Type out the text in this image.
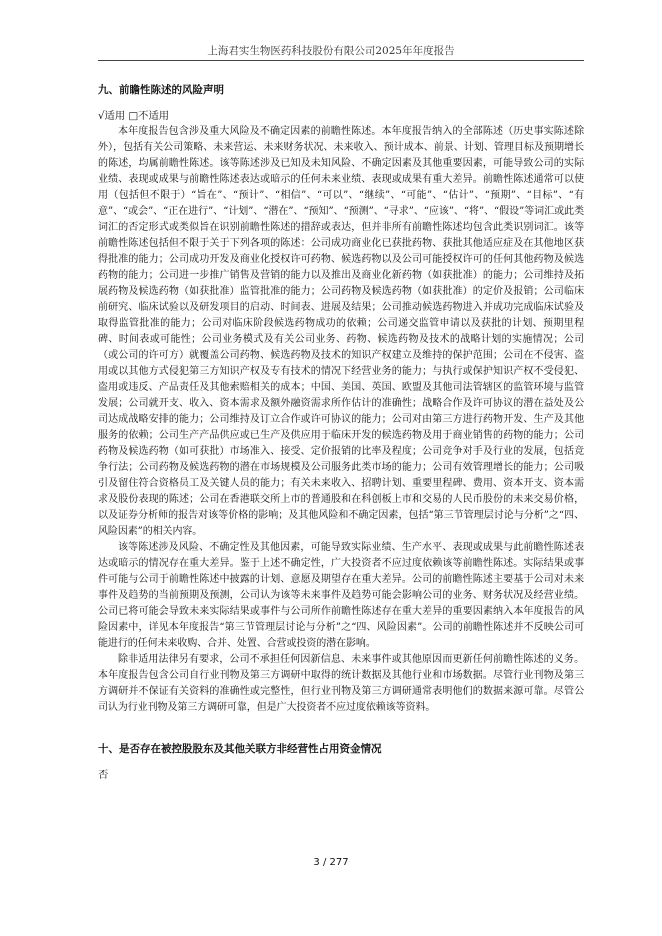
上海君实生物医药科技股份有限公司2025年年度报告
九、前瞻性陈述的风险声明

√适用 □不适用

本年度报告包含涉及重大风险及不确定因素的前瞻性陈述。本年度报告纳入的全部陈述（历史事实陈述除外），包括有关公司策略、未来营运、未来财务状况、未来收入、预计成本、前景、计划、管理目标及预期增长的陈述，均属前瞻性陈述。该等陈述涉及已知及未知风险、不确定因素及其他重要因素，可能导致公司的实际业绩、表现或成果与前瞻性陈述表达或暗示的任何未来业绩、表现或成果有重大差异。前瞻性陈述通常可以使用（包括但不限于）“旨在”、“预计”、“相信”、“可以”、“继续”、“可能”、“估计”、“预期”、“目标”、“有意”、“或会”、“正在进行”、“计划”、“潜在”、“预知”、“预测”、“寻求”、“应该”、“将”、“假设”等词汇或此类词汇的否定形式或类似旨在识别前瞻性陈述的措辞或表达，但并非所有前瞻性陈述均包含此类识别词汇。该等前瞻性陈述包括但不限于关于下列各项的陈述：公司成功商业化已获批药物、获批其他适应症及在其他地区获得批准的能力；公司成功开发及商业化授权许可药物、候选药物以及公司可能授权许可的任何其他药物及候选药物的能力；公司进一步推广销售及营销的能力以及推出及商业化新药物（如获批准）的能力；公司维持及拓展药物及候选药物（如获批准）监管批准的能力；公司药物及候选药物（如获批准）的定价及报销；公司临床前研究、临床试验以及研发项目的启动、时间表、进展及结果；公司推动候选药物进入并成功完成临床试验及取得监管批准的能力；公司对临床阶段候选药物成功的依赖；公司递交监管申请以及获批的计划、预期里程碑、时间表或可能性；公司业务模式及有关公司业务、药物、候选药物及技术的战略计划的实施情况；公司（或公司的许可方）就覆盖公司药物、候选药物及技术的知识产权建立及维持的保护范围；公司在不侵害、盗用或以其他方式侵犯第三方知识产权及专有技术的情况下经营业务的能力；与执行或保护知识产权不受侵犯、盗用或违反、产品责任及其他索赔相关的成本；中国、美国、英国、欧盟及其他司法管辖区的监管环境与监管发展；公司就开支、收入、资本需求及额外融资需求所作估计的准确性；战略合作及许可协议的潜在益处及公司达成战略安排的能力；公司维持及订立合作或许可协议的能力；公司对由第三方进行药物开发、生产及其他服务的依赖；公司生产产品供应或已生产及供应用于临床开发的候选药物及用于商业销售的药物的能力；公司药物及候选药物（如可获批）市场准入、接受、定价报销的比率及程度；公司竞争对手及行业的发展，包括竞争行法；公司药物及候选药物的潜在市场规模及公司服务此类市场的能力；公司有效管理增长的能力；公司吸引及留住符合资格员工及关键人员的能力；有关未来收入、招聘计划、重要里程碑、费用、资本开支、资本需求及股份表现的陈述；公司在香港联交所上市的普通股和在科创板上市和交易的人民币股份的未来交易价格，以及证券分析师的报告对该等价格的影响；及其他风险和不确定因素，包括“第三节管理层讨论与分析”之“四、风险因素”的相关内容。

该等陈述涉及风险、不确定性及其他因素，可能导致实际业绩、生产水平、表现或成果与此前瞻性陈述表达或暗示的情况存在重大差异。鉴于上述不确定性，广大投资者不应过度依赖该等前瞻性陈述。实际结果或事件可能与公司于前瞻性陈述中披露的计划、意愿及期望存在重大差异。公司的前瞻性陈述主要基于公司对未来事件及趋势的当前预期及预测，公司认为该等未来事件及趋势可能会影响公司的业务、财务状况及经营业绩。公司已将可能会导致未来实际结果或事件与公司所作前瞻性陈述存在重大差异的重要因素纳入本年度报告的风险因素中，详见本年度报告“第三节管理层讨论与分析”之“四、风险因素”。公司的前瞻性陈述并不反映公司可能进行的任何未来收购、合并、处置、合营或投资的潜在影响。

除非适用法律另有要求，公司不承担任何因新信息、未来事件或其他原因而更新任何前瞻性陈述的义务。本年度报告包含公司自行业刊物及第三方调研中取得的统计数据及其他行业和市场数据。尽管行业刊物及第三方调研并不保证有关资料的准确性或完整性，但行业刊物及第三方调研通常表明他们的数据来源可靠。尽管公司认为行业刊物及第三方调研可靠，但是广大投资者不应过度依赖该等资料。

十、是否存在被控股股东及其他关联方非经营性占用资金情况

否

3 / 277
